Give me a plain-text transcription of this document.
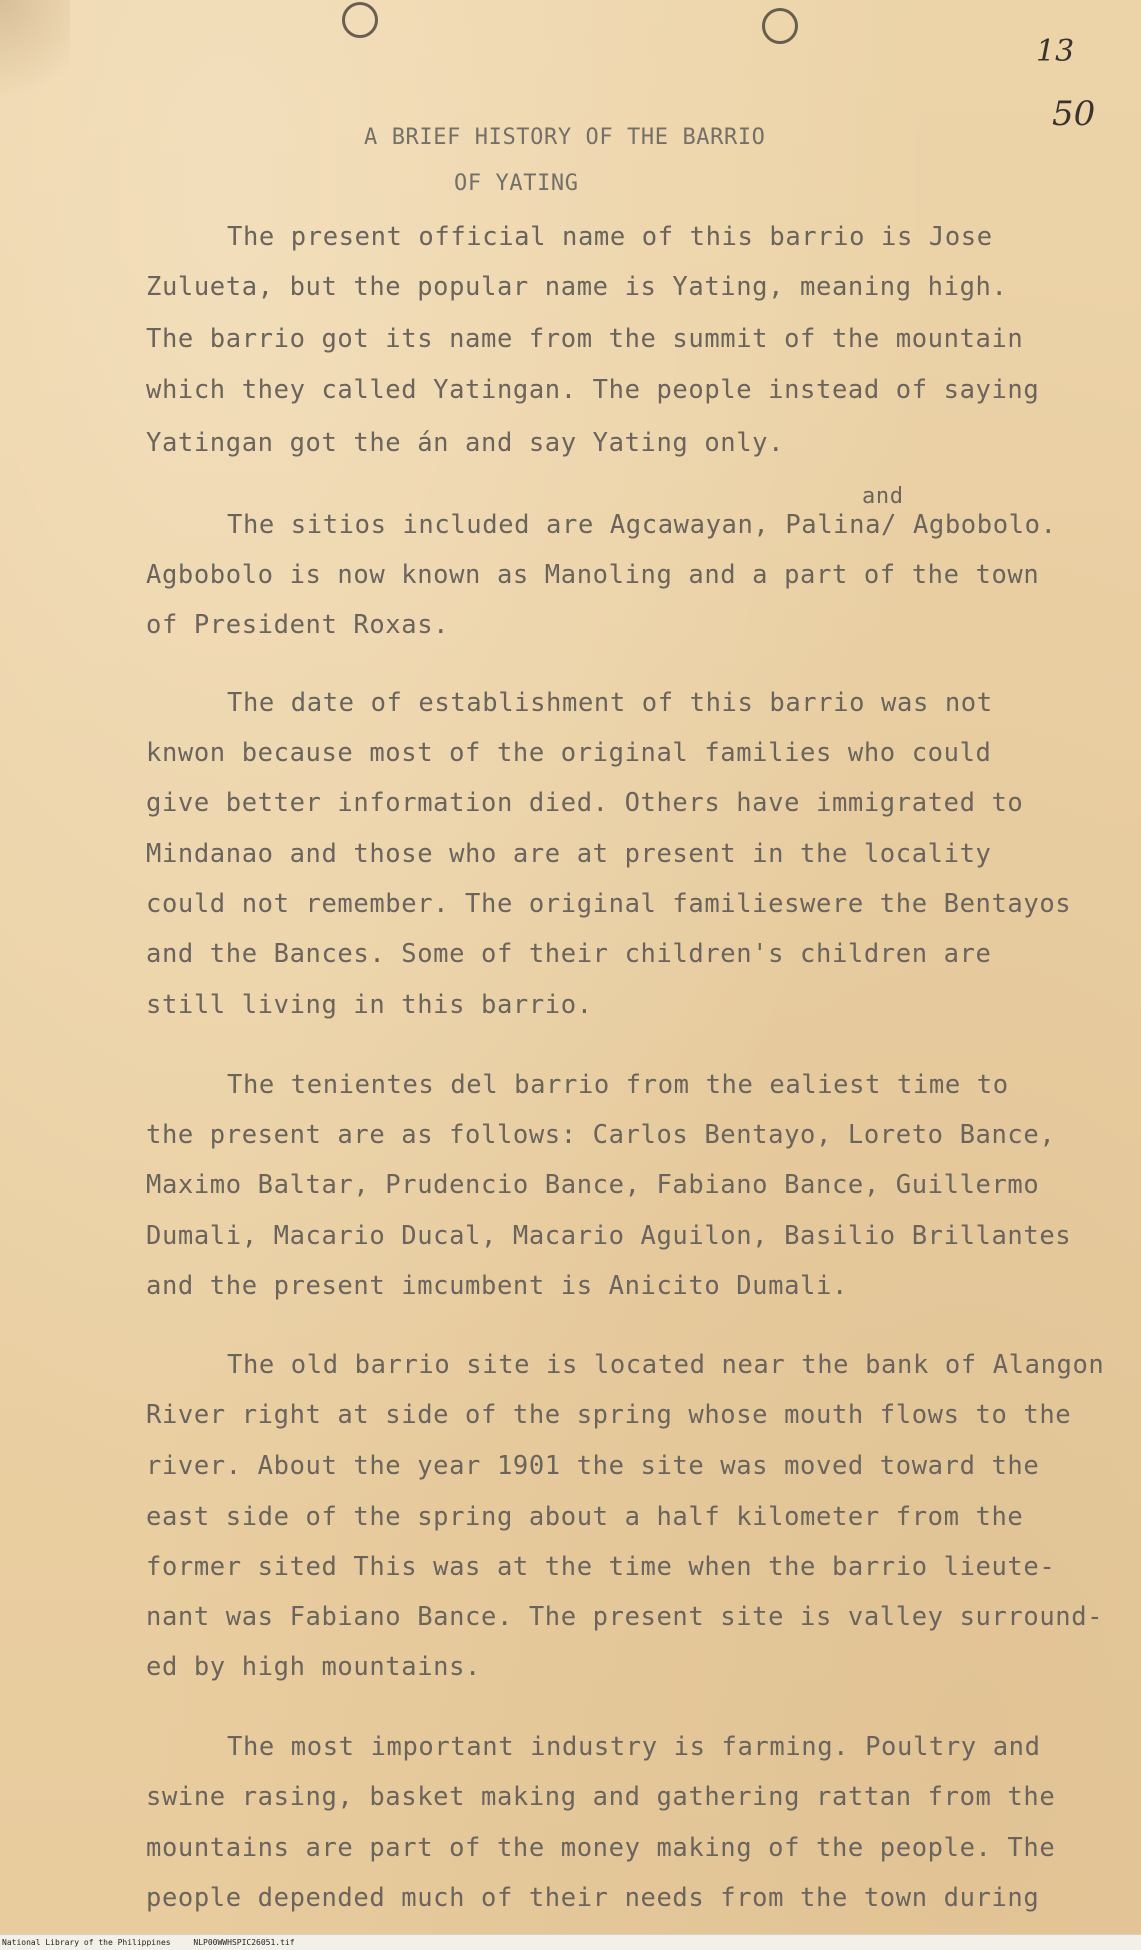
13
50
A BRIEF HISTORY OF THE BARRIO
OF YATING
The present official name of this barrio is Jose
Zulueta, but the popular name is Yating, meaning high.
The barrio got its name from the summit of the mountain
which they called Yatingan. The people instead of saying
Yatingan got the án and say Yating only.
and
The sitios included are Agcawayan, Palina/ Agbobolo.
Agbobolo is now known as Manoling and a part of the town
of President Roxas.
The date of establishment of this barrio was not
knwon because most of the original families who could
give better information died. Others have immigrated to
Mindanao and those who are at present in the locality
could not remember. The original familieswere the Bentayos
and the Bances. Some of their children's children are
still living in this barrio.
The tenientes del barrio from the ealiest time to
the present are as follows: Carlos Bentayo, Loreto Bance,
Maximo Baltar, Prudencio Bance, Fabiano Bance, Guillermo
Dumali, Macario Ducal, Macario Aguilon, Basilio Brillantes
and the present imcumbent is Anicito Dumali.
The old barrio site is located near the bank of Alangon
River right at side of the spring whose mouth flows to the
river. About the year 1901 the site was moved toward the
east side of the spring about a half kilometer from the
former sited This was at the time when the barrio lieute-
nant was Fabiano Bance. The present site is valley surround-
ed by high mountains.
The most important industry is farming. Poultry and
swine rasing, basket making and gathering rattan from the
mountains are part of the money making of the people. The
people depended much of their needs from the town during
National Library of the Philippines	NLP00WWHSPIC26051.tif
